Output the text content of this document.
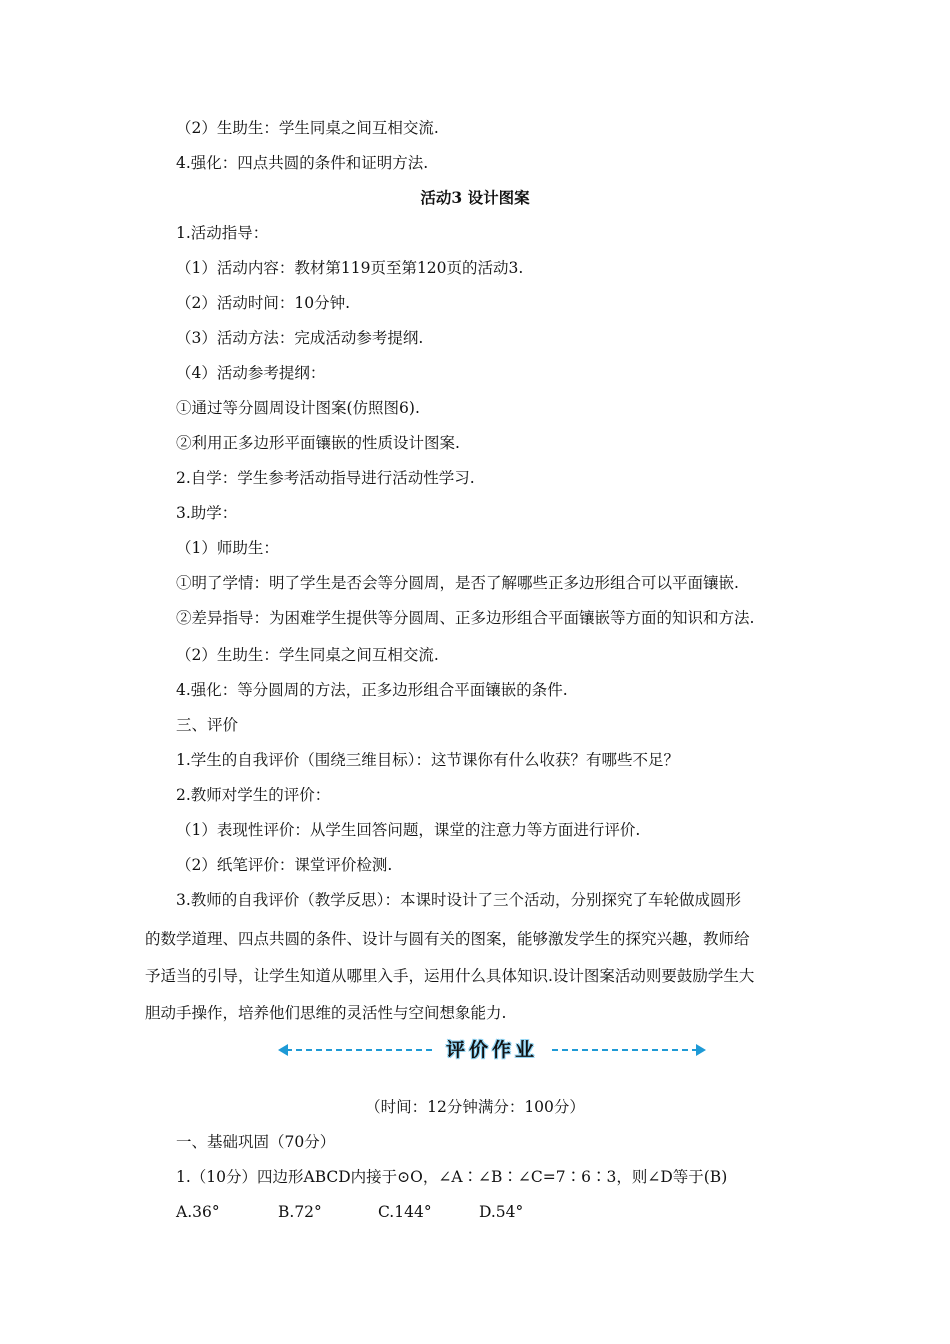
（2）生助生：学生同桌之间互相交流.
4.强化：四点共圆的条件和证明方法.
活动3 设计图案
1.活动指导：
（1）活动内容：教材第119页至第120页的活动3.
（2）活动时间：10分钟.
（3）活动方法：完成活动参考提纲.
（4）活动参考提纲：
①通过等分圆周设计图案(仿照图6).
②利用正多边形平面镶嵌的性质设计图案.
2.自学：学生参考活动指导进行活动性学习.
3.助学：
（1）师助生：
①明了学情：明了学生是否会等分圆周，是否了解哪些正多边形组合可以平面镶嵌.
②差异指导：为困难学生提供等分圆周、正多边形组合平面镶嵌等方面的知识和方法.
（2）生助生：学生同桌之间互相交流.
4.强化：等分圆周的方法，正多边形组合平面镶嵌的条件.
三、评价
1.学生的自我评价（围绕三维目标）：这节课你有什么收获？有哪些不足？
2.教师对学生的评价：
（1）表现性评价：从学生回答问题，课堂的注意力等方面进行评价.
（2）纸笔评价：课堂评价检测.
3.教师的自我评价（教学反思）：本课时设计了三个活动，分别探究了车轮做成圆形
的数学道理、四点共圆的条件、设计与圆有关的图案，能够激发学生的探究兴趣，教师给
予适当的引导，让学生知道从哪里入手，运用什么具体知识.设计图案活动则要鼓励学生大
胆动手操作，培养他们思维的灵活性与空间想象能力.
评价作业
（时间：12分钟满分：100分）
一、基础巩固（70分）
1.（10分）四边形ABCD内接于⊙O，∠A∶∠B∶∠C=7∶6∶3，则∠D等于(B)
A.36°	B.72°	C.144°	D.54°
